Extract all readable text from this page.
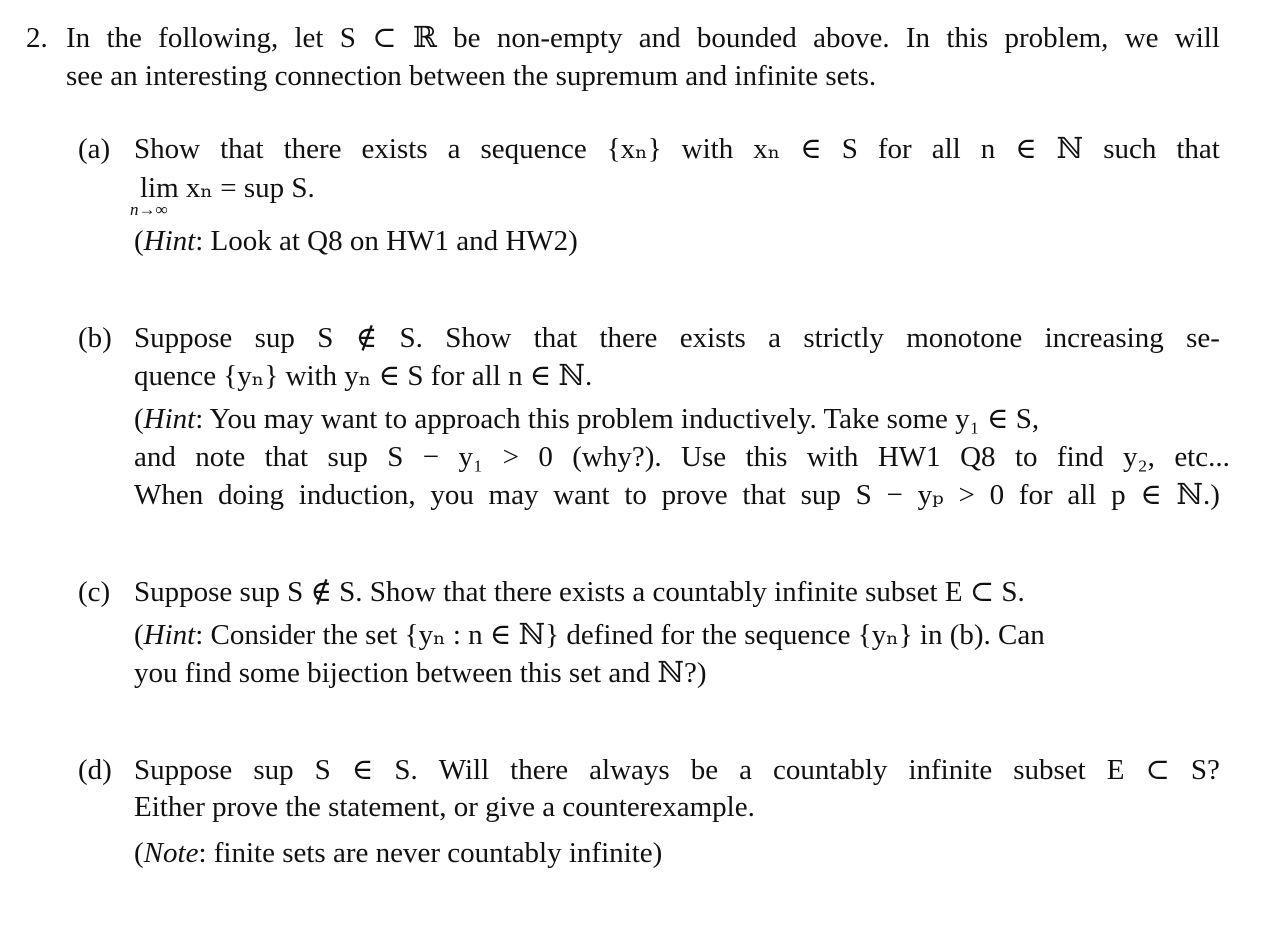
2. In the following, let S ⊂ ℝ be non-empty and bounded above. In this problem, we will
see an interesting connection between the supremum and infinite sets.
(a) Show that there exists a sequence {xₙ} with xₙ ∈ S for all n ∈ ℕ such that
lim xₙ = sup S.
n→∞
(Hint: Look at Q8 on HW1 and HW2)
(b) Suppose sup S ∉ S. Show that there exists a strictly monotone increasing se-
quence {yₙ} with yₙ ∈ S for all n ∈ ℕ.
(Hint: You may want to approach this problem inductively. Take some y₁ ∈ S,
and note that sup S − y₁ > 0 (why?). Use this with HW1 Q8 to find y₂, etc...
When doing induction, you may want to prove that sup S − yₚ > 0 for all p ∈ ℕ.)
(c) Suppose sup S ∉ S. Show that there exists a countably infinite subset E ⊂ S.
(Hint: Consider the set {yₙ : n ∈ ℕ} defined for the sequence {yₙ} in (b). Can
you find some bijection between this set and ℕ?)
(d) Suppose sup S ∈ S. Will there always be a countably infinite subset E ⊂ S?
Either prove the statement, or give a counterexample.
(Note: finite sets are never countably infinite)
